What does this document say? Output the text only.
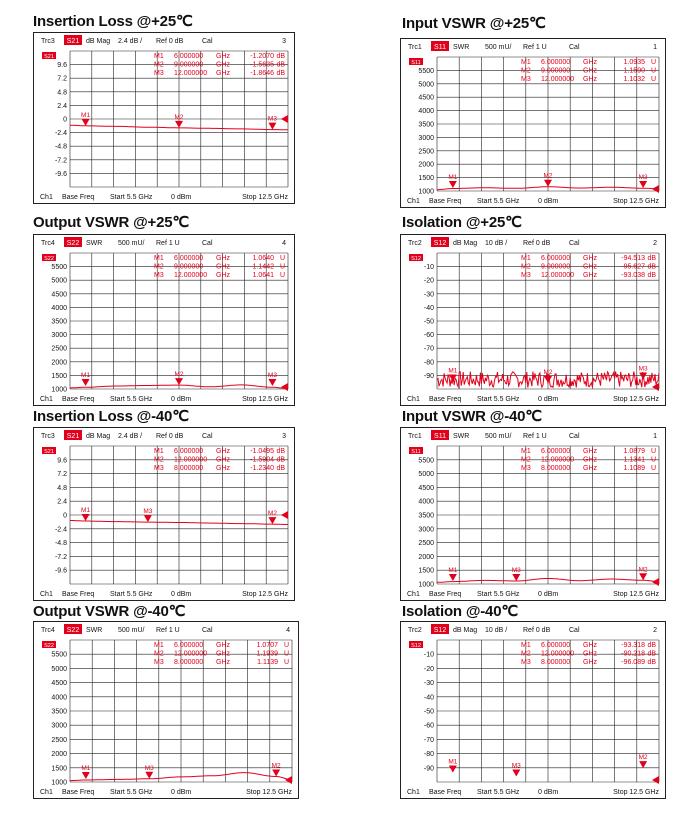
Insertion Loss @+25℃
Trc3 S21 dB Mag 2.4 dB / Ref 0 dB	Cal	3
9.6
7.2
4.8
2.4
0
-2.4
-4.8
-7.2
-9.6
S21	M1 6.000000 GHz	-1.2070 dB
M2 9.000000 GHz	-1.5635 dB
M3 12.000000 GHz	-1.8646 dB
M1	M2	M3
Ch1 Base Freq Start 5.5 GHz	0 dBm	Stop 12.5 GHz
Input VSWR @+25℃
Trc1 S11 SWR 500 mU/ Ref 1 U	Cal	1
5500
5000
4500
4000
3500
3000
2500
2000
1500
1000
S11	M1 6.000000 GHz	1.0935 U
M2 9.000000 GHz	1.1590 U
M3 12.000000 GHz	1.1032 U
M1	M2	M3
Ch1 Base Freq Start 5.5 GHz	0 dBm	Stop 12.5 GHz
Output VSWR @+25℃
Trc4 S22 SWR 500 mU/ Ref 1 U	Cal	4
5500
5000
4500
4000
3500
3000
2500
2000
1500
1000
S22	M1 6.000000 GHz	1.0640 U
M2 9.000000 GHz	1.1442 U
M3 12.000000 GHz	1.0641 U
M1	M2	M3
Ch1 Base Freq Start 5.5 GHz	0 dBm	Stop 12.5 GHz
Isolation @+25℃
Trc2 S12 dB Mag 10 dB / Ref 0 dB	Cal	2
-10
-20
-30
-40
-50
-60
-70
-80
-90
S12	M1 6.000000 GHz	-94.513 dB
M2 9.000000 GHz	-95.627 dB
M3 12.000000 GHz	-93.038 dB
M1	M2
M3
Ch1 Base Freq Start 5.5 GHz	0 dBm	Stop 12.5 GHz
Insertion Loss @-40℃
Trc3 S21 dB Mag 2.4 dB / Ref 0 dB	Cal	3
9.6
7.2
4.8
2.4
0
-2.4
-4.8
-7.2
-9.6
S21	M1 6.000000 GHz	-1.0495 dB
M2 12.000000 GHz	-1.5904 dB
M3 8.000000 GHz	-1.2340 dB
M1	M2
M3
Ch1 Base Freq Start 5.5 GHz	0 dBm	Stop 12.5 GHz
Input VSWR @-40℃
Trc1 S11 SWR 500 mU/ Ref 1 U	Cal	1
5500
5000
4500
4000
3500
3000
2500
2000
1500
1000
S11	M1 6.000000 GHz	1.0879 U
M2 12.000000 GHz	1.1341 U
M3 8.000000 GHz	1.1089 U
M1	M2
M3
Ch1 Base Freq Start 5.5 GHz	0 dBm	Stop 12.5 GHz
Output VSWR @-40℃
Trc4 S22 SWR 500 mU/ Ref 1 U	Cal	4
5500
5000
4500
4000
3500
3000
2500
2000
1500
1000
S22	M1 6.000000 GHz	1.0707 U
M2 12.000000 GHz	1.1939 U
M3 8.000000 GHz	1.1139 U
M1	M2
M3
Ch1 Base Freq Start 5.5 GHz	0 dBm	Stop 12.5 GHz
Isolation @-40℃
Trc2 S12 dB Mag 10 dB / Ref 0 dB	Cal	2
-10
-20
-30
-40
-50
-60
-70
-80
-90
S12	M1 6.000000 GHz	-93.318 dB
M2 12.000000 GHz	-90.218 dB
M3 8.000000 GHz	-96.089 dB
M1
M2
M3
Ch1 Base Freq Start 5.5 GHz	0 dBm	Stop 12.5 GHz
